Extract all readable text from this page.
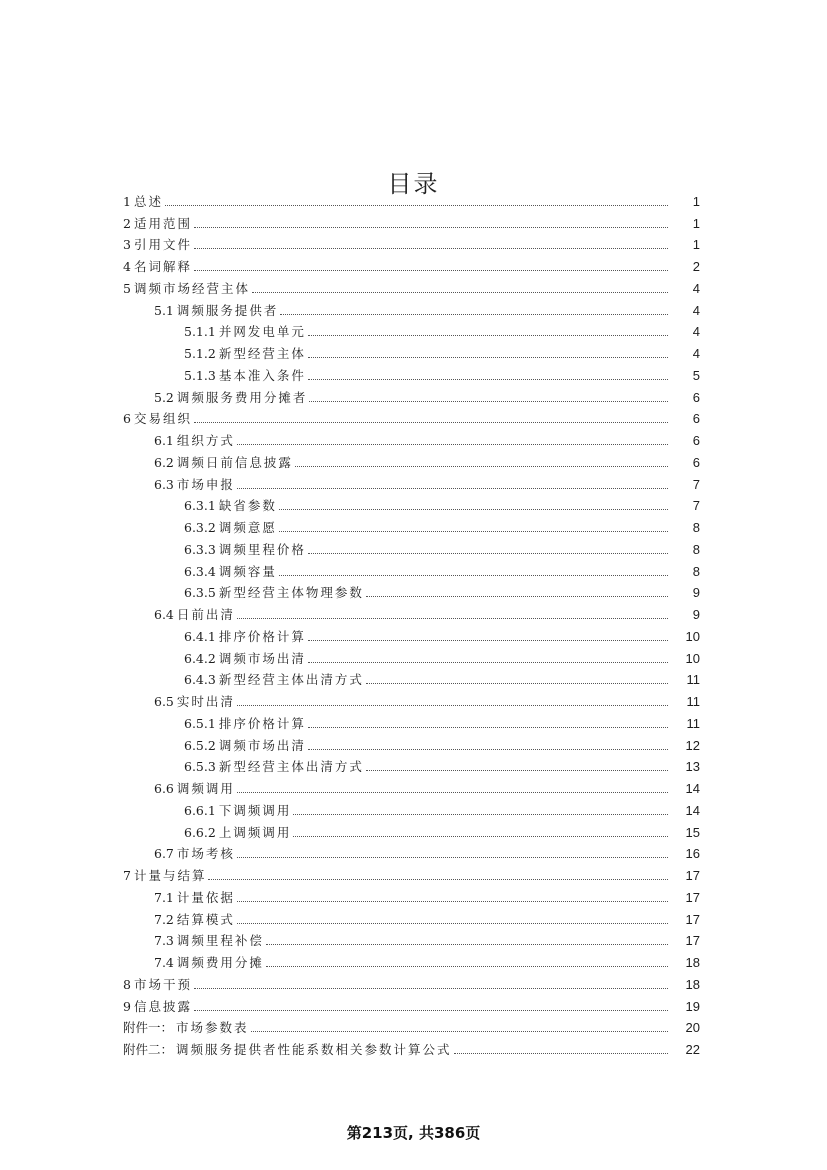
目录
1 总述	1
2 适用范围	1
3 引用文件	1
4 名词解释	2
5 调频市场经营主体	4
5.1 调频服务提供者	4
5.1.1 并网发电单元	4
5.1.2 新型经营主体	4
5.1.3 基本准入条件	5
5.2 调频服务费用分摊者	6
6 交易组织	6
6.1 组织方式	6
6.2 调频日前信息披露	6
6.3 市场申报	7
6.3.1 缺省参数	7
6.3.2 调频意愿	8
6.3.3 调频里程价格	8
6.3.4 调频容量	8
6.3.5 新型经营主体物理参数	9
6.4 日前出清	9
6.4.1 排序价格计算	10
6.4.2 调频市场出清	10
6.4.3 新型经营主体出清方式	11
6.5 实时出清	11
6.5.1 排序价格计算	11
6.5.2 调频市场出清	12
6.5.3 新型经营主体出清方式	13
6.6 调频调用	14
6.6.1 下调频调用	14
6.6.2 上调频调用	15
6.7 市场考核	16
7 计量与结算	17
7.1 计量依据	17
7.2 结算模式	17
7.3 调频里程补偿	17
7.4 调频费用分摊	18
8 市场干预	18
9 信息披露	19
附件一： 市场参数表	20
附件二： 调频服务提供者性能系数相关参数计算公式	22
第213页, 共386页
